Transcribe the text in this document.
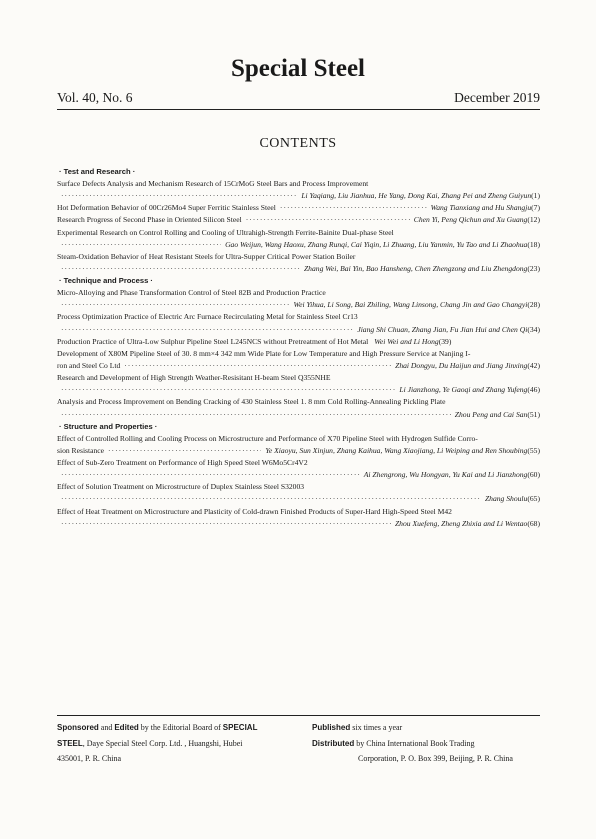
Special Steel
Vol. 40, No. 6	December 2019
CONTENTS
· Test and Research ·
Surface Defects Analysis and Mechanism Research of 15CrMoG Steel Bars and Process Improvement
·····
Li Yaqiang, Liu Jianhua, He Yang, Dong Kai, Zhang Pei and Zheng Guiyun(1)
Hot Deformation Behavior of 00Cr26Mo4 Super Ferritic Stainless Steel ·····	Wang Tianxiang and Hu Shangju(7)
Research Progress of Second Phase in Oriented Silicon Steel ·····	Chen Yi, Peng Qichun and Xu Guang(12)
Experimental Research on Control Rolling and Cooling of Ultrahigh-Strength Ferrite-Bainite Dual-phase Steel
·····
Gao Weijun, Wang Haoxu, Zhang Runqi, Cai Yiqin, Li Zhuang, Liu Yanmin, Yu Tao and Li Zhaohua(18)
Steam-Oxidation Behavior of Heat Resistant Steels for Ultra-Supper Critical Power Station Boiler
·····
Zhang Wei, Bai Yin, Bao Hansheng, Chen Zhengzong and Liu Zhengdong(23)
· Technique and Process ·
Micro-Alloying and Phase Transformation Control of Steel 82B and Production Practice
·····
Wei Yihua, Li Song, Bai Zhiling, Wang Linsong, Chang Jin and Gao Changyi(28)
Process Optimization Practice of Electric Arc Furnace Recirculating Metal for Stainless Steel Cr13
·····
Jiang Shi Chuan, Zhang Jian, Fu Jian Hui and Chen Qi(34)
Production Practice of Ultra-Low Sulphur Pipeline Steel L245NCS without Pretreatment of Hot Metal Wei Wei and Li Hong(39)
Development of X80M Pipeline Steel of 30. 8 mm×4 342 mm Wide Plate for Low Temperature and High Pressure Service at Nanjing I-
ron and Steel Co Ltd ·····	Zhai Dongyu, Du Haijun and Jiang Jinxing(42)
Research and Development of High Strength Weather-Resisitant H-beam Steel Q355NHE
·····
Li Jianzhong, Ye Gaoqi and Zhang Yufeng(46)
Analysis and Process Improvement on Bending Cracking of 430 Stainless Steel 1. 8 mm Cold Rolling-Annealing Pickling Plate
·····
Zhou Peng and Cai San(51)
· Structure and Properties ·
Effect of Controlled Rolling and Cooling Process on Microstructure and Performance of X70 Pipeline Steel with Hydrogen Sulfide Corro-
sion Resistance ·····	Ye Xiaoyu, Sun Xinjun, Zhang Kaihua, Wang Xiaojiang, Li Weiping and Ren Shoubing(55)
Effect of Sub-Zero Treatment on Performance of High Speed Steel W6Mo5Cr4V2
·····
Ai Zhengrong, Wu Hongyan, Yu Kai and Li Jianzhong(60)
Effect of Solution Treatment on Microstructure of Duplex Stainless Steel S32003
·····
Zhang Shoulu(65)
Effect of Heat Treatment on Microstructure and Plasticity of Cold-drawn Finished Products of Super-Hard High-Speed Steel M42
·····
Zhou Xuefeng, Zheng Zhixia and Li Wentao(68)
Sponsored and Edited by the Editorial Board of SPECIAL
STEEL, Daye Special Steel Corp. Ltd. , Huangshi, Hubei
435001, P. R. China
Published six times a year
Distributed by China International Book Trading
Corporation, P. O. Box 399, Beijing, P. R. China
